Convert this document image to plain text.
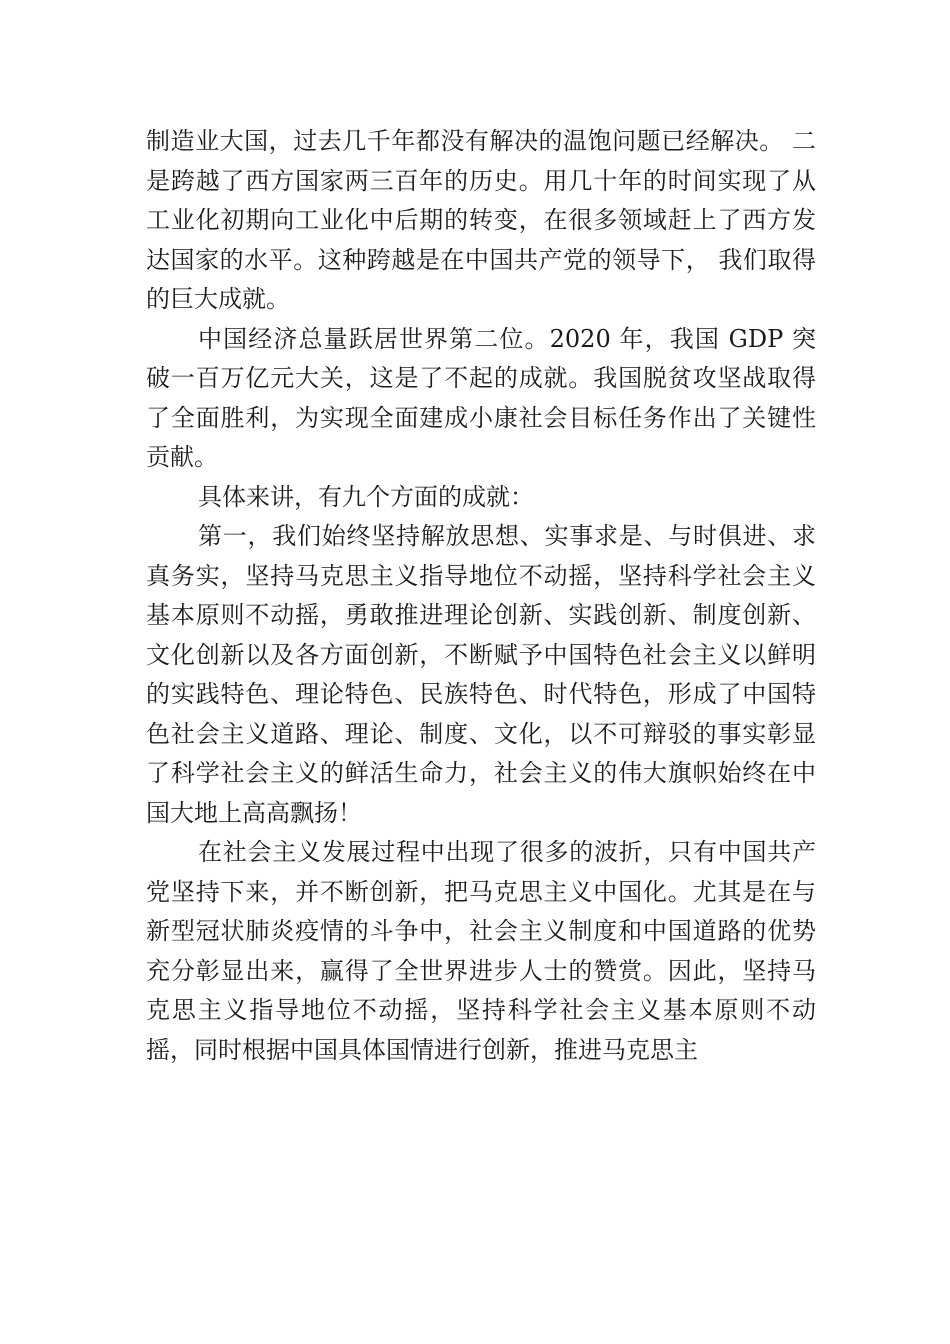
制造业大国，过去几千年都没有解决的温饱问题已经解决。 二是跨越了西方国家两三百年的历史。用几十年的时间实现了从工业化初期向工业化中后期的转变，在很多领域赶上了西方发达国家的水平。这种跨越是在中国共产党的领导下， 我们取得的巨大成就。

中国经济总量跃居世界第二位。2020 年，我国 GDP 突破一百万亿元大关，这是了不起的成就。我国脱贫攻坚战取得了全面胜利，为实现全面建成小康社会目标任务作出了关键性贡献。

具体来讲，有九个方面的成就：

第一，我们始终坚持解放思想、实事求是、与时俱进、求真务实，坚持马克思主义指导地位不动摇，坚持科学社会主义基本原则不动摇，勇敢推进理论创新、实践创新、制度创新、文化创新以及各方面创新，不断赋予中国特色社会主义以鲜明的实践特色、理论特色、民族特色、时代特色，形成了中国特色社会主义道路、理论、制度、文化，以不可辩驳的事实彰显了科学社会主义的鲜活生命力，社会主义的伟大旗帜始终在中国大地上高高飘扬！

在社会主义发展过程中出现了很多的波折，只有中国共产党坚持下来，并不断创新，把马克思主义中国化。尤其是在与新型冠状肺炎疫情的斗争中，社会主义制度和中国道路的优势充分彰显出来，赢得了全世界进步人士的赞赏。因此，坚持马克思主义指导地位不动摇，坚持科学社会主义基本原则不动摇，同时根据中国具体国情进行创新，推进马克思主
